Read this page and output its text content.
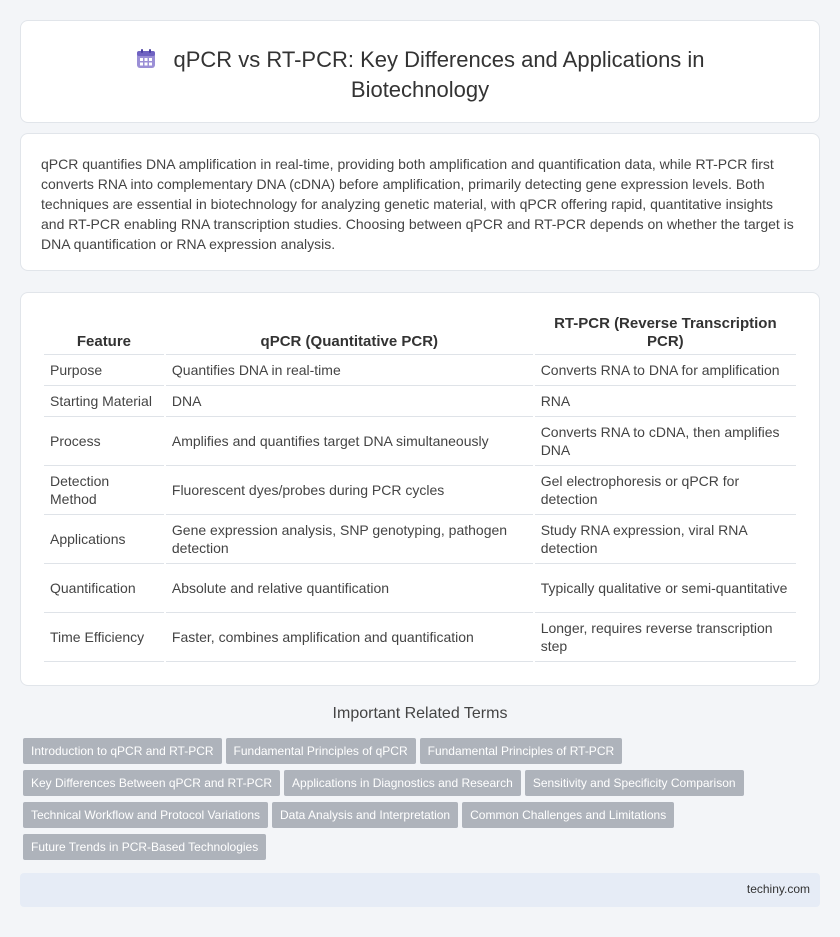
qPCR vs RT-PCR: Key Differences and Applications in
Biotechnology

qPCR quantifies DNA amplification in real-time, providing both amplification and quantification data, while RT-PCR first converts RNA into complementary DNA (cDNA) before amplification, primarily detecting gene expression levels. Both techniques are essential in biotechnology for analyzing genetic material, with qPCR offering rapid, quantitative insights and RT-PCR enabling RNA transcription studies. Choosing between qPCR and RT-PCR depends on whether the target is DNA quantification or RNA expression analysis.

Feature	qPCR (Quantitative PCR)	RT-PCR (Reverse Transcription PCR)
Purpose	Quantifies DNA in real-time	Converts RNA to DNA for amplification
Starting Material	DNA	RNA
Process	Amplifies and quantifies target DNA simultaneously	Converts RNA to cDNA, then amplifies DNA
Detection Method	Fluorescent dyes/probes during PCR cycles	Gel electrophoresis or qPCR for detection
Applications	Gene expression analysis, SNP genotyping, pathogen detection	Study RNA expression, viral RNA detection
Quantification	Absolute and relative quantification	Typically qualitative or semi-quantitative
Time Efficiency	Faster, combines amplification and quantification	Longer, requires reverse transcription step
Important Related Terms
Introduction to qPCR and RT-PCR Fundamental Principles of qPCR Fundamental Principles of RT-PCR
Key Differences Between qPCR and RT-PCR Applications in Diagnostics and Research Sensitivity and Specificity Comparison
Technical Workflow and Protocol Variations Data Analysis and Interpretation Common Challenges and Limitations
Future Trends in PCR-Based Technologies
techiny.com
